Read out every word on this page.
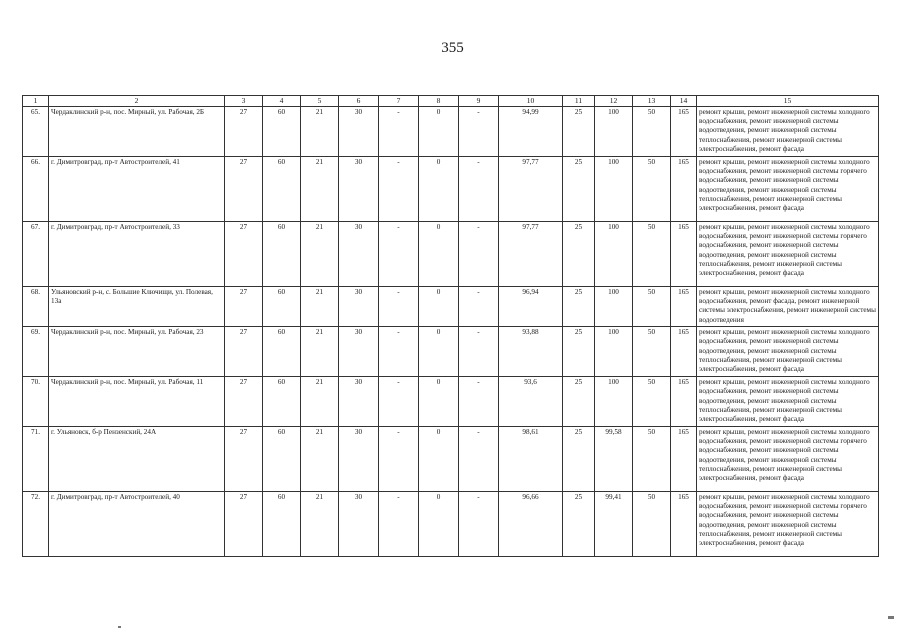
355
1	2	3	4	5	6	7	8	9	10	11	12	13	14	15
65.	Чердаклинский р-н, пос. Мирный, ул. Рабочая, 2Б	27	60	21	30	-	0	-	94,99	25	100	50	165	ремонт крыши, ремонт инженерной системы холодного водоснабжения, ремонт инженерной системы водоотведения, ремонт инженерной системы теплоснабжения, ремонт инженерной системы электроснабжения, ремонт фасада
66.	г. Димитровград, пр-т Автостроителей, 41	27	60	21	30	-	0	-	97,77	25	100	50	165	ремонт крыши, ремонт инженерной системы холодного водоснабжения, ремонт инженерной системы горячего водоснабжения, ремонт инженерной системы водоотведения, ремонт инженерной системы теплоснабжения, ремонт инженерной системы электроснабжения, ремонт фасада
67.	г. Димитровград, пр-т Автостроителей, 33	27	60	21	30	-	0	-	97,77	25	100	50	165	ремонт крыши, ремонт инженерной системы холодного водоснабжения, ремонт инженерной системы горячего водоснабжения, ремонт инженерной системы водоотведения, ремонт инженерной системы теплоснабжения, ремонт инженерной системы электроснабжения, ремонт фасада
68.	Ульяновский р-н, с. Большие Ключищи, ул. Полевая, 13а	27	60	21	30	-	0	-	96,94	25	100	50	165	ремонт крыши, ремонт инженерной системы холодного водоснабжения, ремонт фасада, ремонт инженерной системы электроснабжения, ремонт инженерной системы водоотведения
69.	Чердаклинский р-н, пос. Мирный, ул. Рабочая, 23	27	60	21	30	-	0	-	93,88	25	100	50	165	ремонт крыши, ремонт инженерной системы холодного водоснабжения, ремонт инженерной системы водоотведения, ремонт инженерной системы теплоснабжения, ремонт инженерной системы электроснабжения, ремонт фасада
70.	Чердаклинский р-н, пос. Мирный, ул. Рабочая, 11	27	60	21	30	-	0	-	93,6	25	100	50	165	ремонт крыши, ремонт инженерной системы холодного водоснабжения, ремонт инженерной системы водоотведения, ремонт инженерной системы теплоснабжения, ремонт инженерной системы электроснабжения, ремонт фасада
71.	г. Ульяновск, б-р Пензенский, 24А	27	60	21	30	-	0	-	98,61	25	99,58	50	165	ремонт крыши, ремонт инженерной системы холодного водоснабжения, ремонт инженерной системы горячего водоснабжения, ремонт инженерной системы водоотведения, ремонт инженерной системы теплоснабжения, ремонт инженерной системы электроснабжения, ремонт фасада
72.	г. Димитровград, пр-т Автостроителей, 40	27	60	21	30	-	0	-	96,66	25	99,41	50	165	ремонт крыши, ремонт инженерной системы холодного водоснабжения, ремонт инженерной системы горячего водоснабжения, ремонт инженерной системы водоотведения, ремонт инженерной системы теплоснабжения, ремонт инженерной системы электроснабжения, ремонт фасада
